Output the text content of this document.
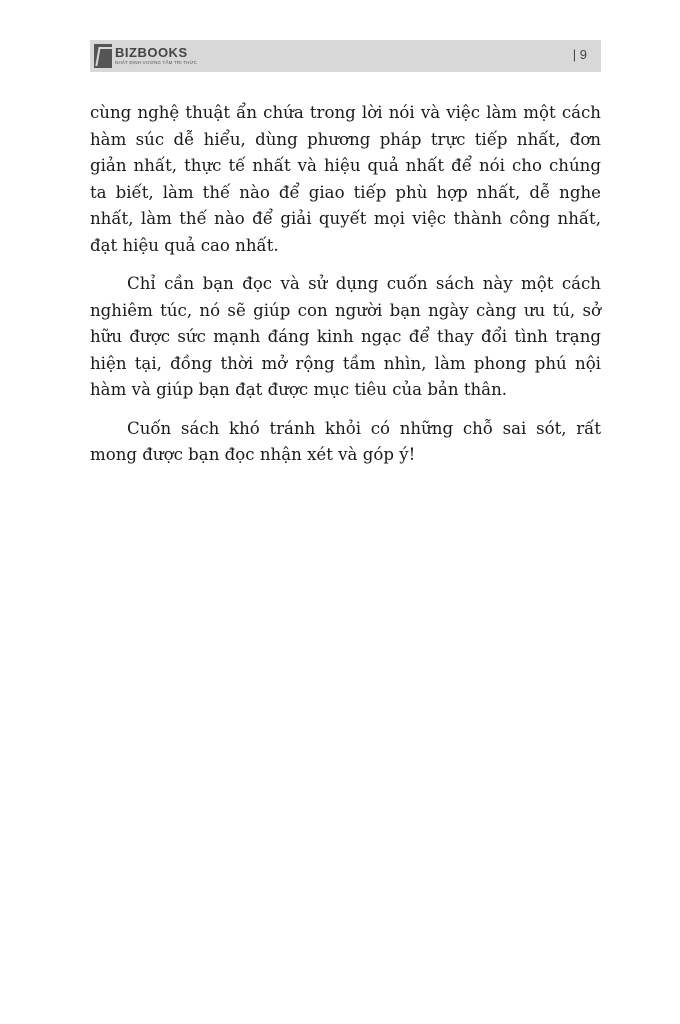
BIZBOOKS
NHẤT ĐỊNH VƯƠNG TẦM TRI THỨC
| 9

cùng nghệ thuật ẩn chứa trong lời nói và việc làm một cách hàm súc dễ hiểu, dùng phương pháp trực tiếp nhất, đơn giản nhất, thực tế nhất và hiệu quả nhất để nói cho chúng ta biết, làm thế nào để giao tiếp phù hợp nhất, dễ nghe nhất, làm thế nào để giải quyết mọi việc thành công nhất, đạt hiệu quả cao nhất.

Chỉ cần bạn đọc và sử dụng cuốn sách này một cách nghiêm túc, nó sẽ giúp con người bạn ngày càng ưu tú, sở hữu được sức mạnh đáng kinh ngạc để thay đổi tình trạng hiện tại, đồng thời mở rộng tầm nhìn, làm phong phú nội hàm và giúp bạn đạt được mục tiêu của bản thân.

Cuốn sách khó tránh khỏi có những chỗ sai sót, rất mong được bạn đọc nhận xét và góp ý!
